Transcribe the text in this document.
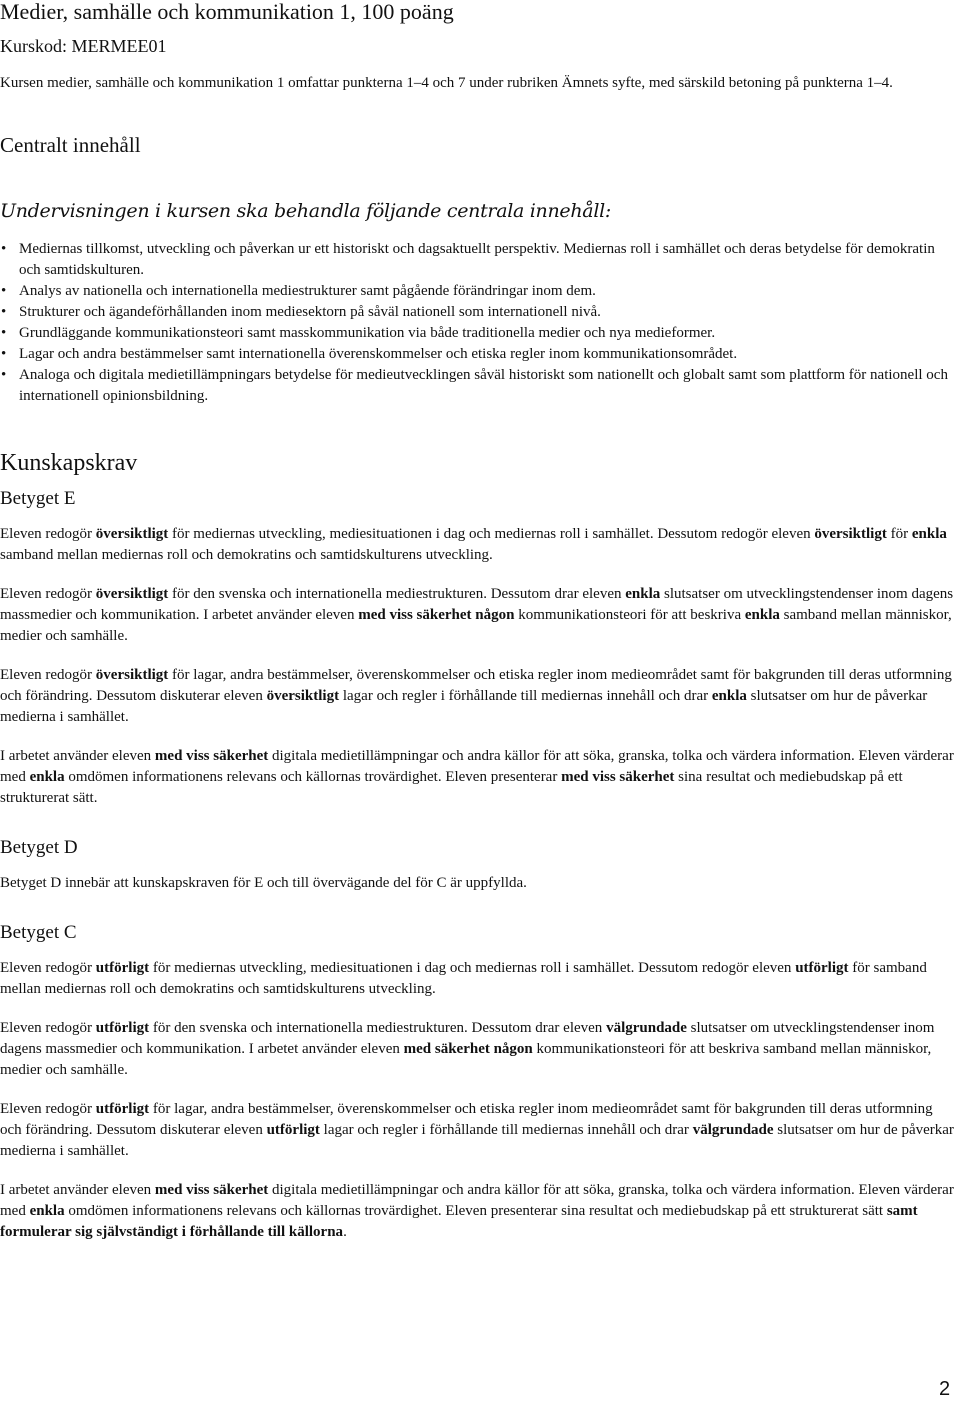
Medier, samhälle och kommunikation 1, 100 poäng
Kurskod: MERMEE01

Kursen medier, samhälle och kommunikation 1 omfattar punkterna 1–4 och 7 under rubriken Ämnets syfte, med särskild betoning på punkterna 1–4.

Centralt innehåll
Undervisningen i kursen ska behandla följande centrala innehåll:
• Mediernas tillkomst, utveckling och påverkan ur ett historiskt och dagsaktuellt perspektiv. Mediernas roll i samhället och deras betydelse för demokratin och samtidskulturen.
• Analys av nationella och internationella mediestrukturer samt pågående förändringar inom dem.
• Strukturer och ägandeförhållanden inom mediesektorn på såväl nationell som internationell nivå.
• Grundläggande kommunikationsteori samt masskommunikation via både traditionella medier och nya medieformer.
• Lagar och andra bestämmelser samt internationella överenskommelser och etiska regler inom kommunikationsområdet.
• Analoga och digitala medietillämpningars betydelse för medieutvecklingen såväl historiskt som nationellt och globalt samt som plattform för nationell och internationell opinionsbildning.
Kunskapskrav
Betyget E

Eleven redogör översiktligt för mediernas utveckling, mediesituationen i dag och mediernas roll i samhället. Dessutom redogör eleven översiktligt för enkla samband mellan mediernas roll och demokratins och samtidskulturens utveckling.

Eleven redogör översiktligt för den svenska och internationella mediestrukturen. Dessutom drar eleven enkla slutsatser om utvecklingstendenser inom dagens massmedier och kommunikation. I arbetet använder eleven med viss säkerhet någon kommunikationsteori för att beskriva enkla samband mellan människor, medier och samhälle.

Eleven redogör översiktligt för lagar, andra bestämmelser, överenskommelser och etiska regler inom medieområdet samt för bakgrunden till deras utformning och förändring. Dessutom diskuterar eleven översiktligt lagar och regler i förhållande till mediernas innehåll och drar enkla slutsatser om hur de påverkar medierna i samhället.

I arbetet använder eleven med viss säkerhet digitala medietillämpningar och andra källor för att söka, granska, tolka och värdera information. Eleven värderar med enkla omdömen informationens relevans och källornas trovärdighet. Eleven presenterar med viss säkerhet sina resultat och mediebudskap på ett strukturerat sätt.

Betyget D

Betyget D innebär att kunskapskraven för E och till övervägande del för C är uppfyllda.

Betyget C

Eleven redogör utförligt för mediernas utveckling, mediesituationen i dag och mediernas roll i samhället. Dessutom redogör eleven utförligt för samband mellan mediernas roll och demokratins och samtidskulturens utveckling.

Eleven redogör utförligt för den svenska och internationella mediestrukturen. Dessutom drar eleven välgrundade slutsatser om utvecklingstendenser inom dagens massmedier och kommunikation. I arbetet använder eleven med säkerhet någon kommunikationsteori för att beskriva samband mellan människor, medier och samhälle.

Eleven redogör utförligt för lagar, andra bestämmelser, överenskommelser och etiska regler inom medieområdet samt för bakgrunden till deras utformning och förändring. Dessutom diskuterar eleven utförligt lagar och regler i förhållande till mediernas innehåll och drar välgrundade slutsatser om hur de påverkar medierna i samhället.

I arbetet använder eleven med viss säkerhet digitala medietillämpningar och andra källor för att söka, granska, tolka och värdera information. Eleven värderar med enkla omdömen informationens relevans och källornas trovärdighet. Eleven presenterar sina resultat och mediebudskap på ett strukturerat sätt samt formulerar sig självständigt i förhållande till källorna.

2
